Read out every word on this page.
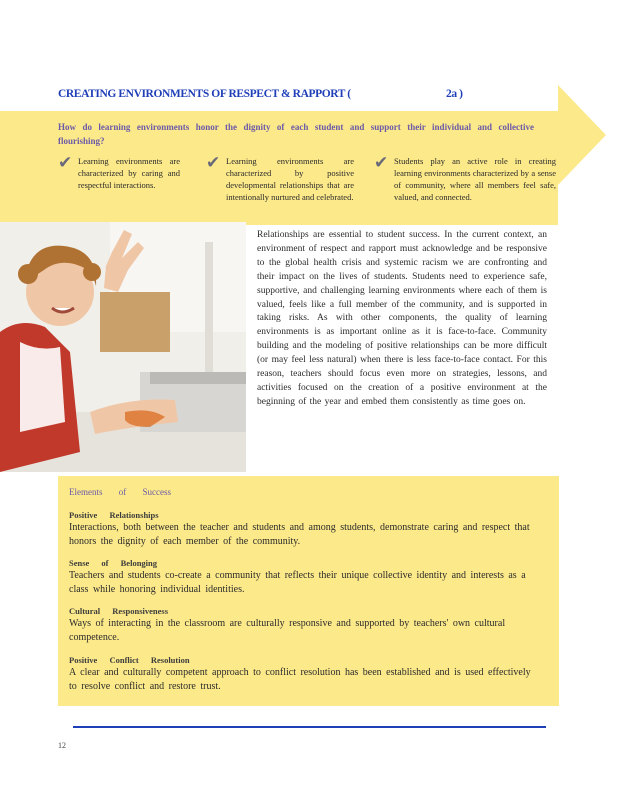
CREATING ENVIRONMENTS OF RESPECT & RAPPORT (	2a )
How do learning environments honor the dignity of each student and support their individual and collective flourishing?
✔ Learning environments are characterized by caring and respectful interactions.
✔ Learning environments are characterized by positive developmental relationships that are intentionally nurtured and celebrated.
✔ Students play an active role in creating learning environments characterized by a sense of community, where all members feel safe, valued, and connected.
Relationships are essential to student success. In the current context, an environment of respect and rapport must acknowledge and be responsive to the global health crisis and systemic racism we are confronting and their impact on the lives of students. Students need to experience safe, supportive, and challenging learning environments where each of them is valued, feels like a full member of the community, and is supported in taking risks. As with other components, the quality of learning environments is as important online as it is face-to-face. Community building and the modeling of positive relationships can be more difficult (or may feel less natural) when there is less face-to-face contact. For this reason, teachers should focus even more on strategies, lessons, and activities focused on the creation of a positive environment at the beginning of the year and embed them consistently as time goes on.
Elements of Success
Positive Relationships
Interactions, both between the teacher and students and among students, demonstrate caring and respect that honors the dignity of each member of the community.
Sense of Belonging
Teachers and students co-create a community that reflects their unique collective identity and interests as a class while honoring individual identities.
Cultural Responsiveness
Ways of interacting in the classroom are culturally responsive and supported by teachers' own cultural competence.
Positive Conflict Resolution
A clear and culturally competent approach to conflict resolution has been established and is used effectively to resolve conflict and restore trust.
12
